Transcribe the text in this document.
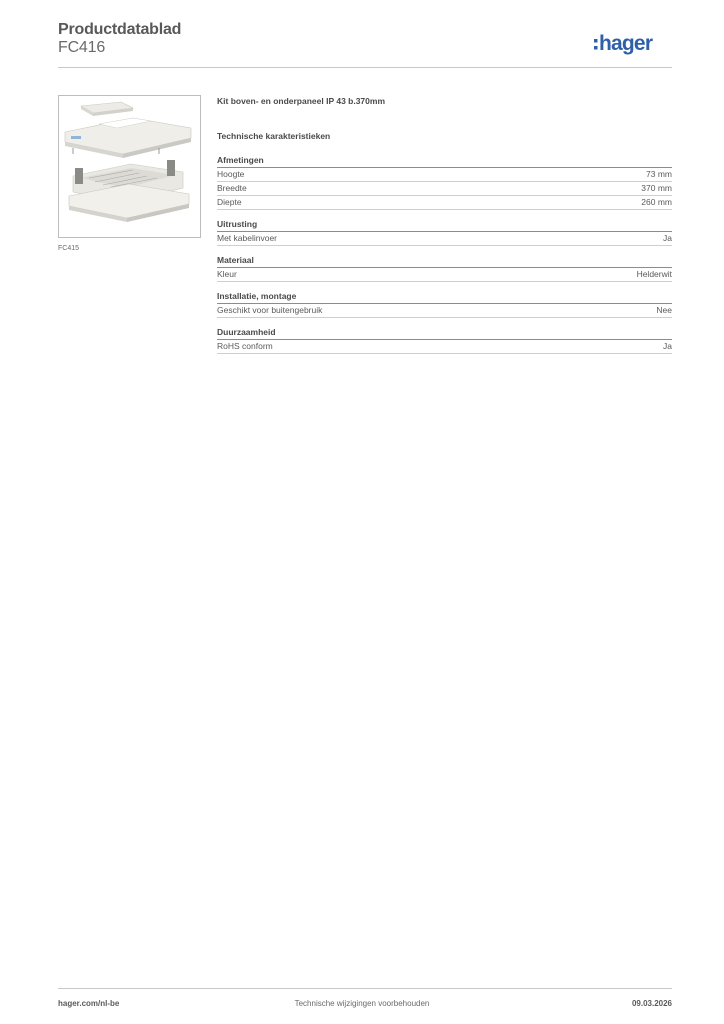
Productdatablad
FC416	hager
FC415
Kit boven- en onderpaneel IP 43 b.370mm
Technische karakteristieken
Afmetingen
Hoogte	73 mm
Breedte	370 mm
Diepte	260 mm
Uitrusting
Met kabelinvoer	Ja
Materiaal
Kleur	Helderwit
Installatie, montage
Geschikt voor buitengebruik	Nee
Duurzaamheid
RoHS conform	Ja
hager.com/nl-be	Technische wijzigingen voorbehouden	09.03.2026
